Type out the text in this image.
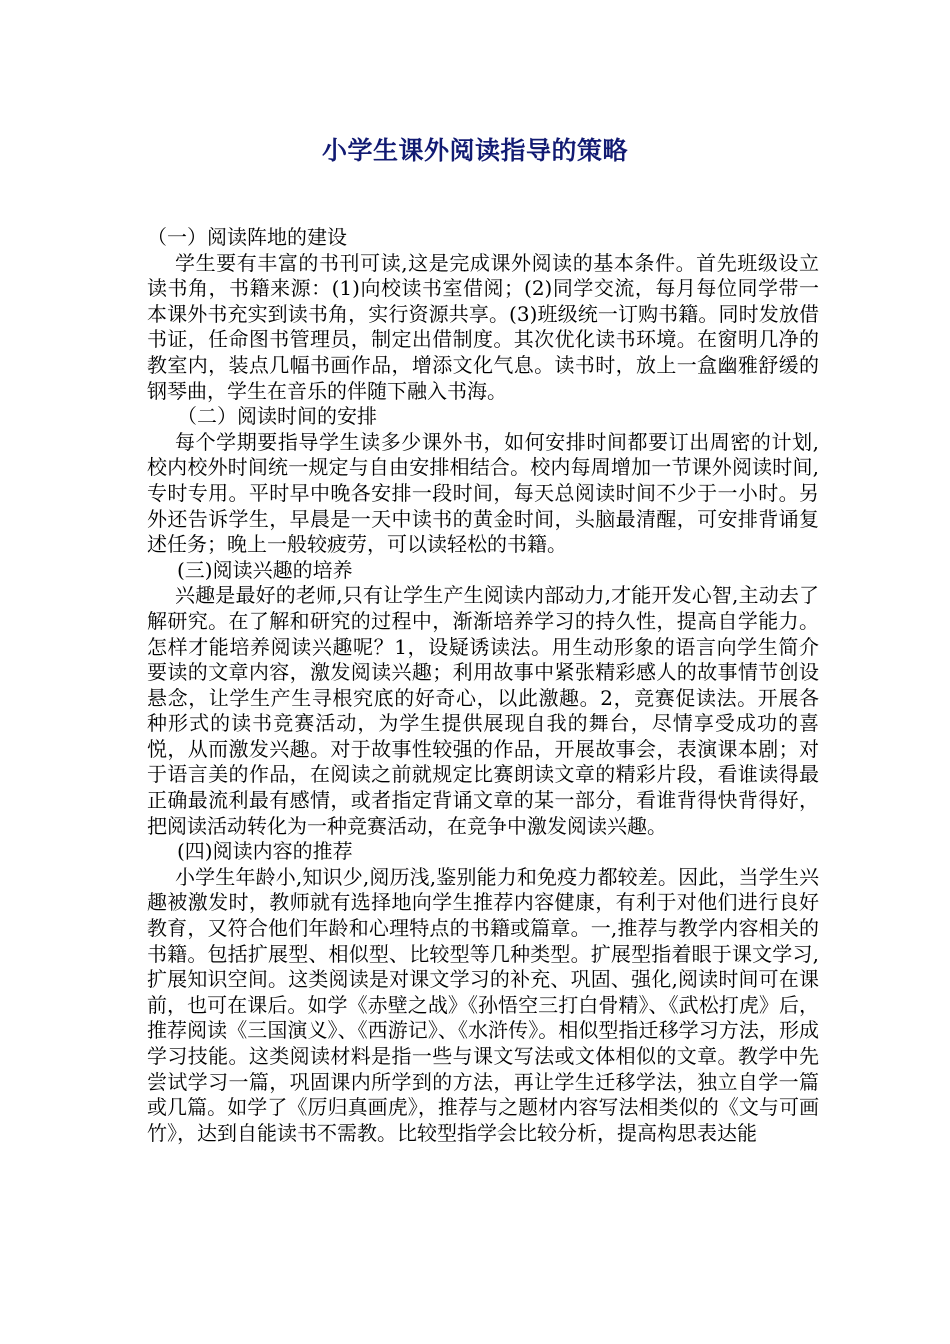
小学生课外阅读指导的策略

（一）阅读阵地的建设

学生要有丰富的书刊可读,这是完成课外阅读的基本条件。首先班级设立读书角，书籍来源：(1)向校读书室借阅；(2)同学交流，每月每位同学带一本课外书充实到读书角，实行资源共享。(3)班级统一订购书籍。同时发放借书证，任命图书管理员，制定出借制度。其次优化读书环境。在窗明几净的教室内，装点几幅书画作品，增添文化气息。读书时，放上一盒幽雅舒缓的钢琴曲，学生在音乐的伴随下融入书海。

（二）阅读时间的安排

每个学期要指导学生读多少课外书，如何安排时间都要订出周密的计划,校内校外时间统一规定与自由安排相结合。校内每周增加一节课外阅读时间,专时专用。平时早中晚各安排一段时间，每天总阅读时间不少于一小时。另外还告诉学生，早晨是一天中读书的黄金时间，头脑最清醒，可安排背诵复述任务；晚上一般较疲劳，可以读轻松的书籍。

(三)阅读兴趣的培养

兴趣是最好的老师,只有让学生产生阅读内部动力,才能开发心智,主动去了解研究。在了解和研究的过程中，渐渐培养学习的持久性，提高自学能力。怎样才能培养阅读兴趣呢？1，设疑诱读法。用生动形象的语言向学生简介要读的文章内容，激发阅读兴趣；利用故事中紧张精彩感人的故事情节创设悬念，让学生产生寻根究底的好奇心，以此激趣。2，竞赛促读法。开展各种形式的读书竞赛活动，为学生提供展现自我的舞台，尽情享受成功的喜悦，从而激发兴趣。对于故事性较强的作品，开展故事会，表演课本剧；对于语言美的作品，在阅读之前就规定比赛朗读文章的精彩片段，看谁读得最正确最流利最有感情，或者指定背诵文章的某一部分，看谁背得快背得好，把阅读活动转化为一种竞赛活动，在竞争中激发阅读兴趣。

(四)阅读内容的推荐

小学生年龄小,知识少,阅历浅,鉴别能力和免疫力都较差。因此，当学生兴趣被激发时，教师就有选择地向学生推荐内容健康，有利于对他们进行良好教育，又符合他们年龄和心理特点的书籍或篇章。一,推荐与教学内容相关的书籍。包括扩展型、相似型、比较型等几种类型。扩展型指着眼于课文学习,扩展知识空间。这类阅读是对课文学习的补充、巩固、强化,阅读时间可在课前，也可在课后。如学《赤壁之战》《孙悟空三打白骨精》、《武松打虎》后，推荐阅读《三国演义》、《西游记》、《水浒传》。相似型指迁移学习方法，形成学习技能。这类阅读材料是指一些与课文写法或文体相似的文章。教学中先尝试学习一篇，巩固课内所学到的方法，再让学生迁移学法，独立自学一篇或几篇。如学了《厉归真画虎》，推荐与之题材内容写法相类似的《文与可画竹》，达到自能读书不需教。比较型指学会比较分析，提高构思表达能
